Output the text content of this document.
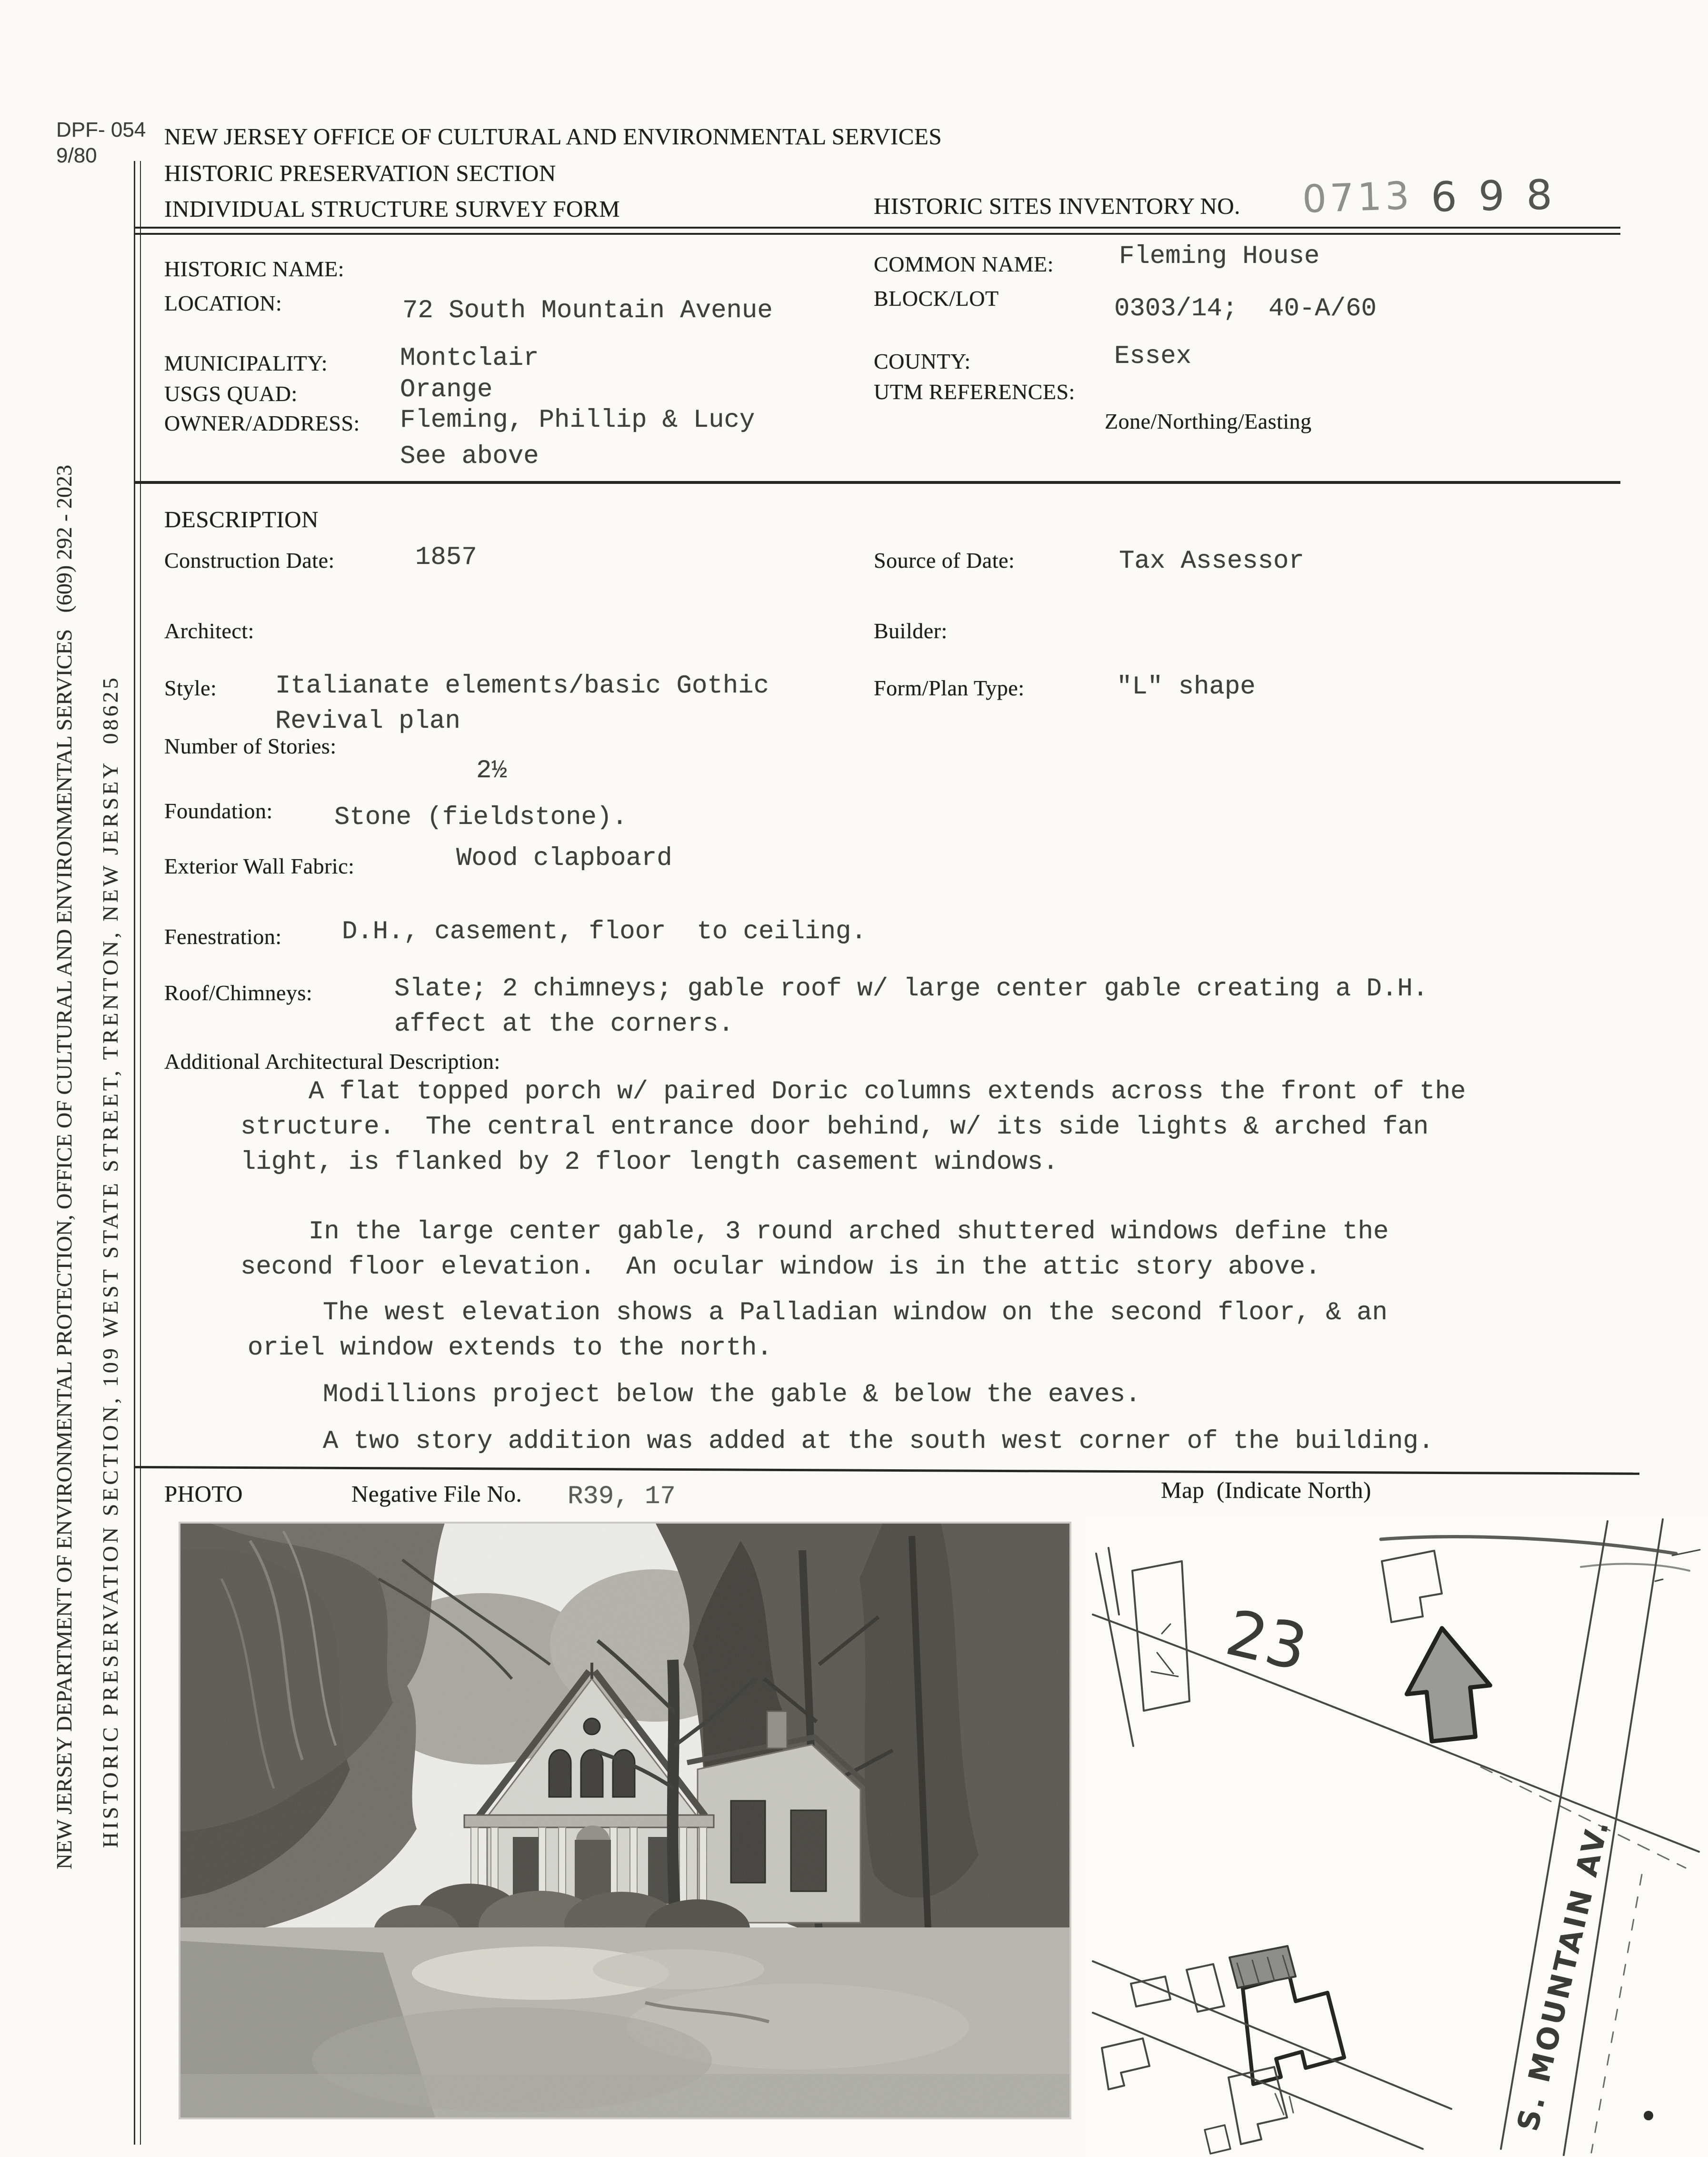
DPF- 054
9/80
NEW JERSEY OFFICE OF CULTURAL AND ENVIRONMENTAL SERVICES
HISTORIC PRESERVATION SECTION
INDIVIDUAL STRUCTURE SURVEY FORM	HISTORIC SITES INVENTORY NO. 0713 6 9 8
NEW JERSEY DEPARTMENT OF ENVIRONMENTAL PROTECTION, OFFICE OF CULTURAL AND ENVIRONMENTAL SERVICES   (609) 292 - 2023 HISTORIC PRESERVATION SECTION, 109 WEST STATE STREET, TRENTON, NEW JERSEY  08625
HISTORIC NAME:
LOCATION:	72 South Mountain Avenue
MUNICIPALITY:	Montclair
USGS QUAD:	Orange
OWNER/ADDRESS: Fleming, Phillip & Lucy
See above
COMMON NAME:	Fleming House
BLOCK/LOT	0303/14;  40-A/60
COUNTY:	Essex
UTM REFERENCES:
Zone/Northing/Easting
DESCRIPTION
Construction Date:	1857	Source of Date:	Tax Assessor
Architect:	Builder:
Style: Italianate elements/basic Gothic
Revival plan
Form/Plan Type:	"L" shape
Number of Stories:
2½
Foundation: Stone (fieldstone).
Exterior Wall Fabric:	Wood clapboard
Fenestration: D.H., casement, floor  to ceiling.
Roof/Chimneys:	Slate; 2 chimneys; gable roof w/ large center gable creating a D.H.
affect at the corners.
Additional Architectural Description:
A flat topped porch w/ paired Doric columns extends across the front of the
structure.  The central entrance door behind, w/ its side lights & arched fan
light, is flanked by 2 floor length casement windows.
In the large center gable, 3 round arched shuttered windows define the
second floor elevation.  An ocular window is in the attic story above.
The west elevation shows a Palladian window on the second floor, & an
oriel window extends to the north.
Modillions project below the gable & below the eaves.
A two story addition was added at the south west corner of the building.
PHOTO	Negative File No. R39, 17	Map  (Indicate North)
23
S. MOUNTAIN AV.
